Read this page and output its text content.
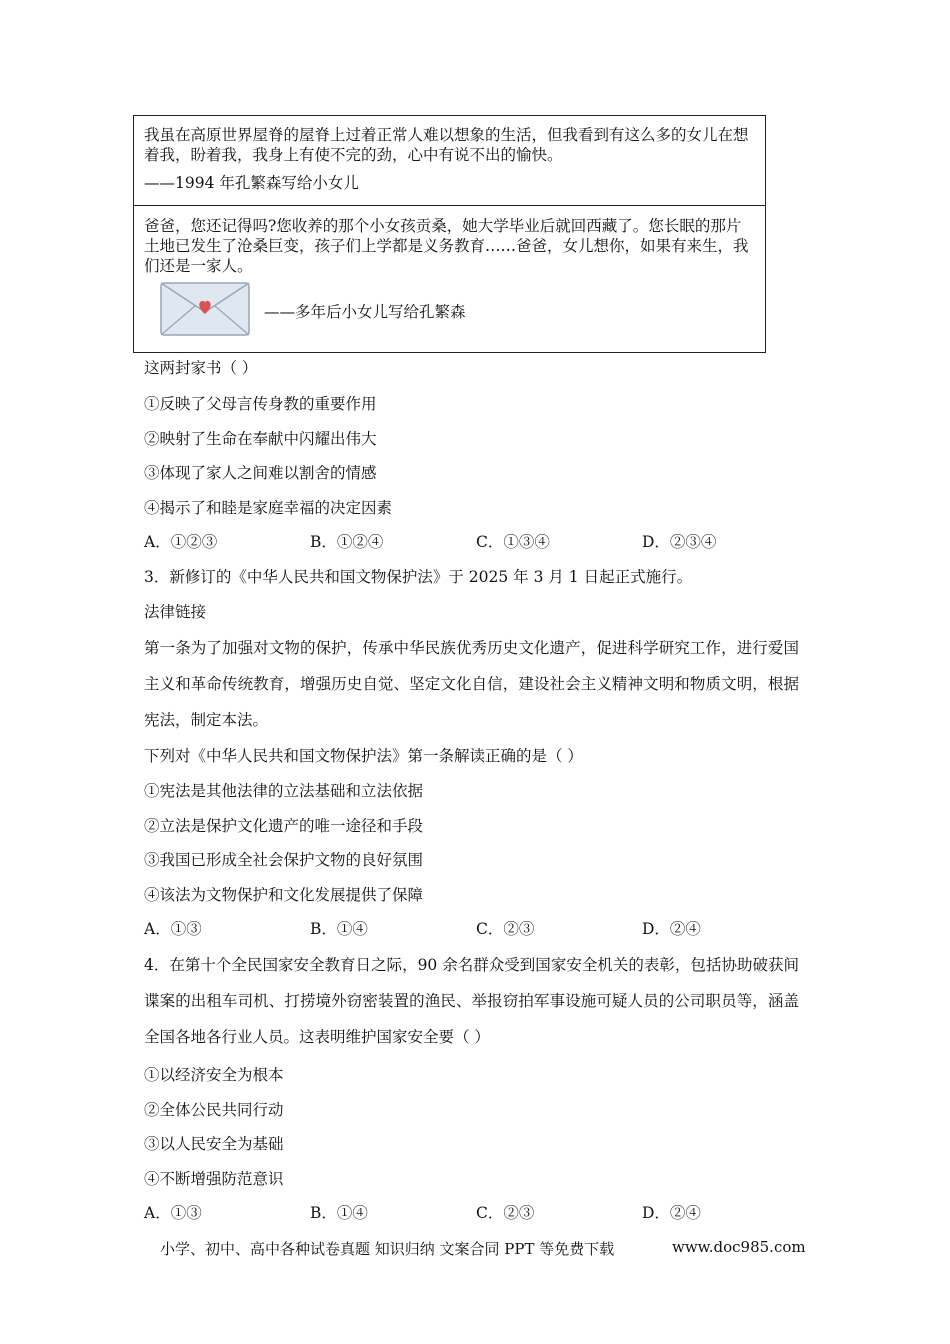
我虽在高原世界屋脊的屋脊上过着正常人难以想象的生活，但我看到有这么多的女儿在想着我，盼着我，我身上有使不完的劲，心中有说不出的愉快。
——1994 年孔繁森写给小女儿
爸爸，您还记得吗?您收养的那个小女孩贡桑，她大学毕业后就回西藏了。您长眠的那片土地已发生了沧桑巨变，孩子们上学都是义务教育……爸爸，女儿想你，如果有来生，我们还是一家人。
——多年后小女儿写给孔繁森
这两封家书（ ）
①反映了父母言传身教的重要作用
②映射了生命在奉献中闪耀出伟大
③体现了家人之间难以割舍的情感
④揭示了和睦是家庭幸福的决定因素
A．①②③	B．①②④	C．①③④	D．②③④
3．新修订的《中华人民共和国文物保护法》于 2025 年 3 月 1 日起正式施行。
法律链接
第一条为了加强对文物的保护，传承中华民族优秀历史文化遗产，促进科学研究工作，进行爱国主义和革命传统教育，增强历史自觉、坚定文化自信，建设社会主义精神文明和物质文明，根据宪法，制定本法。
下列对《中华人民共和国文物保护法》第一条解读正确的是（ ）
①宪法是其他法律的立法基础和立法依据
②立法是保护文化遗产的唯一途径和手段
③我国已形成全社会保护文物的良好氛围
④该法为文物保护和文化发展提供了保障
A．①③	B．①④	C．②③	D．②④
4．在第十个全民国家安全教育日之际，90 余名群众受到国家安全机关的表彰，包括协助破获间谍案的出租车司机、打捞境外窃密装置的渔民、举报窃拍军事设施可疑人员的公司职员等，涵盖全国各地各行业人员。这表明维护国家安全要（ ）
①以经济安全为根本
②全体公民共同行动
③以人民安全为基础
④不断增强防范意识
A．①③	B．①④	C．②③	D．②④
小学、初中、高中各种试卷真题 知识归纳 文案合同 PPT 等免费下载	www.doc985.com
